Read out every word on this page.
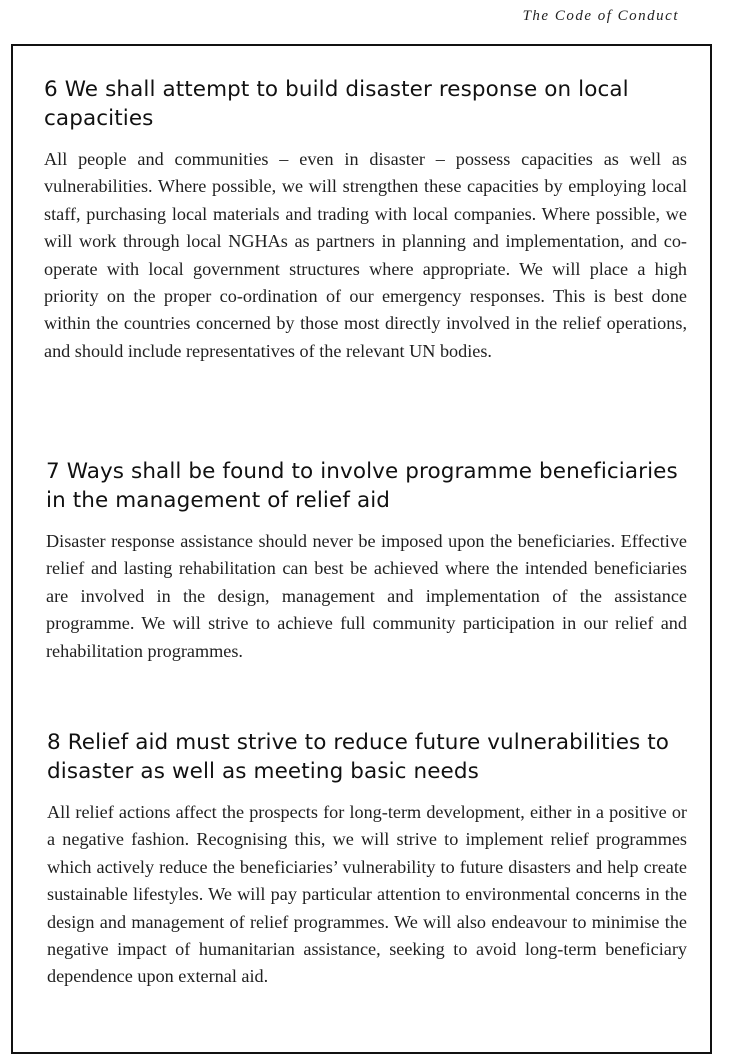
The Code of Conduct
6 We shall attempt to build disaster response on local capacities

All people and communities – even in disaster – possess capacities as well as vulnerabilities. Where possible, we will strengthen these capacities by employing local staff, purchasing local materials and trading with local companies. Where possible, we will work through local NGHAs as partners in planning and implementation, and co-operate with local government structures where appropriate. We will place a high priority on the proper co-ordination of our emergency responses. This is best done within the countries concerned by those most directly involved in the relief operations, and should include representatives of the relevant UN bodies.

7 Ways shall be found to involve programme beneficiaries in the management of relief aid

Disaster response assistance should never be imposed upon the beneficiaries. Effective relief and lasting rehabilitation can best be achieved where the intended beneficiaries are involved in the design, management and implementation of the assistance programme. We will strive to achieve full community participation in our relief and rehabilitation programmes.

8 Relief aid must strive to reduce future vulnerabilities to disaster as well as meeting basic needs

All relief actions affect the prospects for long-term development, either in a positive or a negative fashion. Recognising this, we will strive to implement relief programmes which actively reduce the beneficiaries’ vulnerability to future disasters and help create sustainable lifestyles. We will pay particular attention to environmental concerns in the design and management of relief programmes. We will also endeavour to minimise the negative impact of humanitarian assistance, seeking to avoid long-term beneficiary dependence upon external aid.
